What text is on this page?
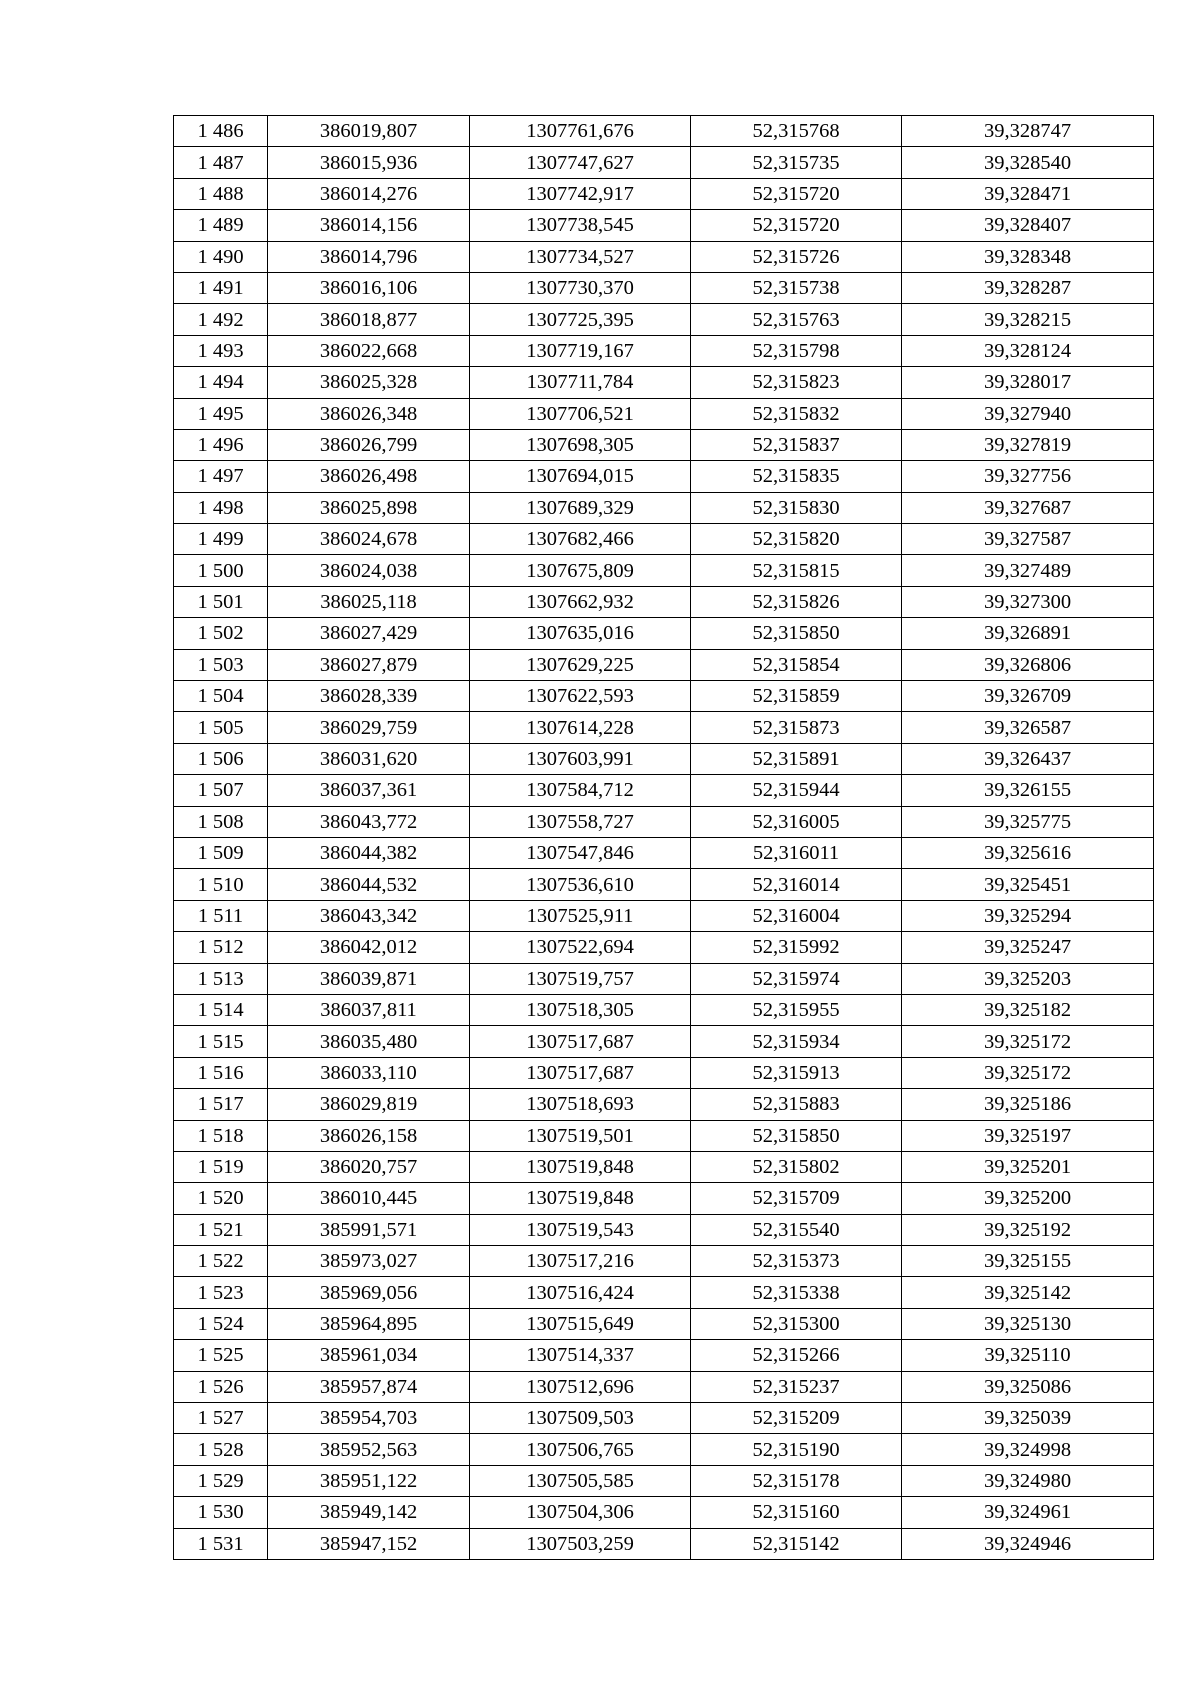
1 486	386019,807	1307761,676	52,315768	39,328747
1 487	386015,936	1307747,627	52,315735	39,328540
1 488	386014,276	1307742,917	52,315720	39,328471
1 489	386014,156	1307738,545	52,315720	39,328407
1 490	386014,796	1307734,527	52,315726	39,328348
1 491	386016,106	1307730,370	52,315738	39,328287
1 492	386018,877	1307725,395	52,315763	39,328215
1 493	386022,668	1307719,167	52,315798	39,328124
1 494	386025,328	1307711,784	52,315823	39,328017
1 495	386026,348	1307706,521	52,315832	39,327940
1 496	386026,799	1307698,305	52,315837	39,327819
1 497	386026,498	1307694,015	52,315835	39,327756
1 498	386025,898	1307689,329	52,315830	39,327687
1 499	386024,678	1307682,466	52,315820	39,327587
1 500	386024,038	1307675,809	52,315815	39,327489
1 501	386025,118	1307662,932	52,315826	39,327300
1 502	386027,429	1307635,016	52,315850	39,326891
1 503	386027,879	1307629,225	52,315854	39,326806
1 504	386028,339	1307622,593	52,315859	39,326709
1 505	386029,759	1307614,228	52,315873	39,326587
1 506	386031,620	1307603,991	52,315891	39,326437
1 507	386037,361	1307584,712	52,315944	39,326155
1 508	386043,772	1307558,727	52,316005	39,325775
1 509	386044,382	1307547,846	52,316011	39,325616
1 510	386044,532	1307536,610	52,316014	39,325451
1 511	386043,342	1307525,911	52,316004	39,325294
1 512	386042,012	1307522,694	52,315992	39,325247
1 513	386039,871	1307519,757	52,315974	39,325203
1 514	386037,811	1307518,305	52,315955	39,325182
1 515	386035,480	1307517,687	52,315934	39,325172
1 516	386033,110	1307517,687	52,315913	39,325172
1 517	386029,819	1307518,693	52,315883	39,325186
1 518	386026,158	1307519,501	52,315850	39,325197
1 519	386020,757	1307519,848	52,315802	39,325201
1 520	386010,445	1307519,848	52,315709	39,325200
1 521	385991,571	1307519,543	52,315540	39,325192
1 522	385973,027	1307517,216	52,315373	39,325155
1 523	385969,056	1307516,424	52,315338	39,325142
1 524	385964,895	1307515,649	52,315300	39,325130
1 525	385961,034	1307514,337	52,315266	39,325110
1 526	385957,874	1307512,696	52,315237	39,325086
1 527	385954,703	1307509,503	52,315209	39,325039
1 528	385952,563	1307506,765	52,315190	39,324998
1 529	385951,122	1307505,585	52,315178	39,324980
1 530	385949,142	1307504,306	52,315160	39,324961
1 531	385947,152	1307503,259	52,315142	39,324946
